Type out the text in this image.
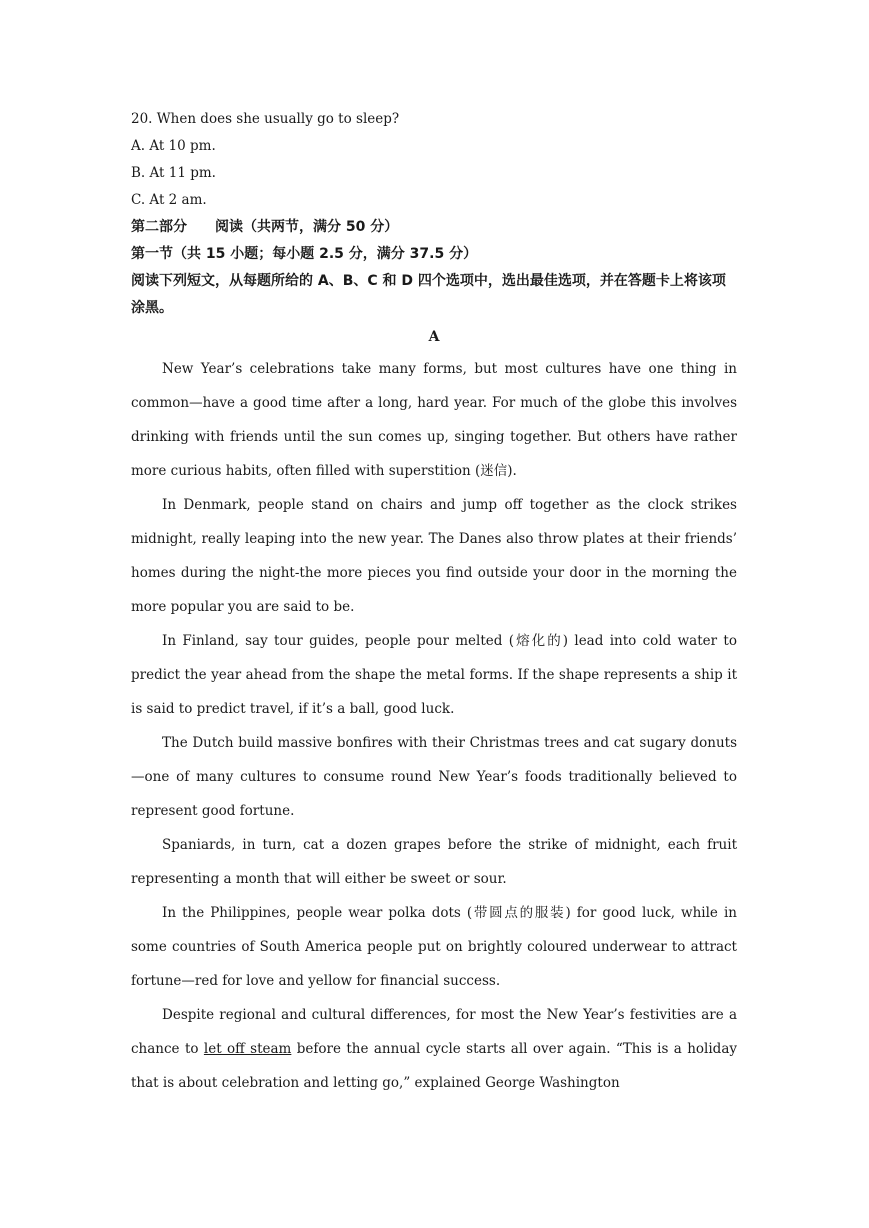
20. When does she usually go to sleep?

A. At 10 pm.

B. At 11 pm.

C. At 2 am.

第二部分　　阅读（共两节，满分 50 分）

第一节（共 15 小题；每小题 2.5 分，满分 37.5 分）

阅读下列短文，从每题所给的 A、B、C 和 D 四个选项中，选出最佳选项，并在答题卡上将该项涂黑。

A

New Year’s celebrations take many forms, but most cultures have one thing in common—have a good time after a long, hard year. For much of the globe this involves drinking with friends until the sun comes up, singing together. But others have rather more curious habits, often filled with superstition (迷信).

In Denmark, people stand on chairs and jump off together as the clock strikes midnight, really leaping into the new year. The Danes also throw plates at their friends’ homes during the night-the more pieces you find outside your door in the morning the more popular you are said to be.

In Finland, say tour guides, people pour melted (熔化的) lead into cold water to predict the year ahead from the shape the metal forms. If the shape represents a ship it is said to predict travel, if it’s a ball, good luck.

The Dutch build massive bonfires with their Christmas trees and cat sugary donuts—one of many cultures to consume round New Year’s foods traditionally believed to represent good fortune.

Spaniards, in turn, cat a dozen grapes before the strike of midnight, each fruit representing a month that will either be sweet or sour.

In the Philippines, people wear polka dots (带圆点的服装) for good luck, while in some countries of South America people put on brightly coloured underwear to attract fortune—red for love and yellow for financial success.

Despite regional and cultural differences, for most the New Year’s festivities are a chance to let off steam before the annual cycle starts all over again. “This is a holiday that is about celebration and letting go,” explained George Washington
